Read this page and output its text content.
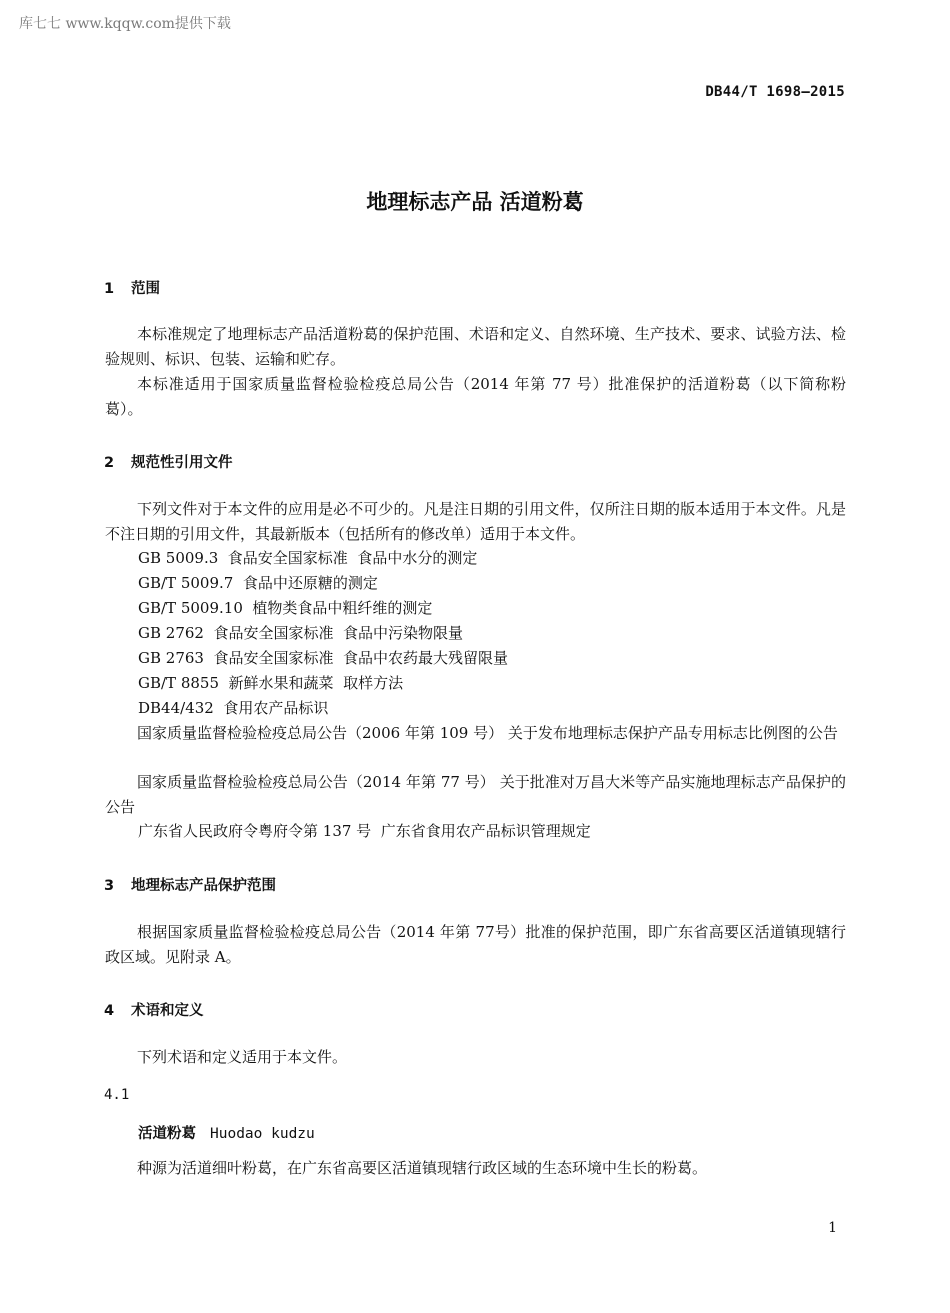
库七七 www.kqqw.com提供下载
DB44/T 1698—2015
地理标志产品 活道粉葛
1 范围
本标准规定了地理标志产品活道粉葛的保护范围、术语和定义、自然环境、生产技术、要求、试验方法、检验规则、标识、包装、运输和贮存。
本标准适用于国家质量监督检验检疫总局公告（2014 年第 77 号）批准保护的活道粉葛（以下简称粉葛）。
2 规范性引用文件
下列文件对于本文件的应用是必不可少的。凡是注日期的引用文件，仅所注日期的版本适用于本文件。凡是不注日期的引用文件，其最新版本（包括所有的修改单）适用于本文件。
GB 5009.3  食品安全国家标准  食品中水分的测定
GB/T 5009.7  食品中还原糖的测定
GB/T 5009.10  植物类食品中粗纤维的测定
GB 2762  食品安全国家标准  食品中污染物限量
GB 2763  食品安全国家标准  食品中农药最大残留限量
GB/T 8855  新鲜水果和蔬菜  取样方法
DB44/432  食用农产品标识
国家质量监督检验检疫总局公告（2006 年第 109 号） 关于发布地理标志保护产品专用标志比例图的公告
国家质量监督检验检疫总局公告（2014 年第 77 号） 关于批准对万昌大米等产品实施地理标志产品保护的公告
广东省人民政府令粤府令第 137 号  广东省食用农产品标识管理规定
3 地理标志产品保护范围
根据国家质量监督检验检疫总局公告（2014 年第 77号）批准的保护范围，即广东省高要区活道镇现辖行政区域。见附录 A。
4 术语和定义
下列术语和定义适用于本文件。
4.1
活道粉葛 Huodao kudzu
种源为活道细叶粉葛，在广东省高要区活道镇现辖行政区域的生态环境中生长的粉葛。
1
